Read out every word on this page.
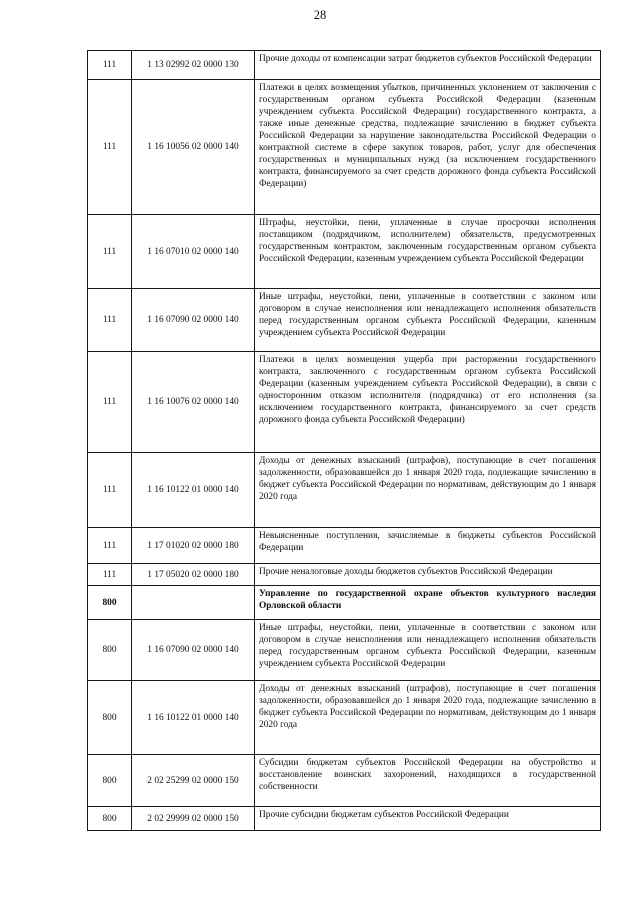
28
111	1 13 02992 02 0000 130	Прочие доходы от компенсации затрат бюджетов субъектов Российской Федерации
111	1 16 10056 02 0000 140	Платежи в целях возмещения убытков, причиненных уклонением от заключения с государственным органом субъекта Российской Федерации (казенным учреждением субъекта Российской Федерации) государственного контракта, а также иные денежные средства, подлежащие зачислению в бюджет субъекта Российской Федерации за нарушение законодательства Российской Федерации о контрактной системе в сфере закупок товаров, работ, услуг для обеспечения государственных и муниципальных нужд (за исключением государственного контракта, финансируемого за счет средств дорожного фонда субъекта Российской Федерации)
111	1 16 07010 02 0000 140	Штрафы, неустойки, пени, уплаченные в случае просрочки исполнения поставщиком (подрядчиком, исполнителем) обязательств, предусмотренных государственным контрактом, заключенным государственным органом субъекта Российской Федерации, казенным учреждением субъекта Российской Федерации
111	1 16 07090 02 0000 140	Иные штрафы, неустойки, пени, уплаченные в соответствии с законом или договором в случае неисполнения или ненадлежащего исполнения обязательств перед государственным органом субъекта Российской Федерации, казенным учреждением субъекта Российской Федерации
111	1 16 10076 02 0000 140	Платежи в целях возмещения ущерба при расторжении государственного контракта, заключенного с государственным органом субъекта Российской Федерации (казенным учреждением субъекта Российской Федерации), в связи с односторонним отказом исполнителя (подрядчика) от его исполнения (за исключением государственного контракта, финансируемого за счет средств дорожного фонда субъекта Российской Федерации)
111	1 16 10122 01 0000 140	Доходы от денежных взысканий (штрафов), поступающие в счет погашения задолженности, образовавшейся до 1 января 2020 года, подлежащие зачислению в бюджет субъекта Российской Федерации по нормативам, действующим до 1 января 2020 года
111	1 17 01020 02 0000 180	Невыясненные поступления, зачисляемые в бюджеты субъектов Российской Федерации
111	1 17 05020 02 0000 180	Прочие неналоговые доходы бюджетов субъектов Российской Федерации
800		Управление по государственной охране объектов культурного наследия Орловской области
800	1 16 07090 02 0000 140	Иные штрафы, неустойки, пени, уплаченные в соответствии с законом или договором в случае неисполнения или ненадлежащего исполнения обязательств перед государственным органом субъекта Российской Федерации, казенным учреждением субъекта Российской Федерации
800	1 16 10122 01 0000 140	Доходы от денежных взысканий (штрафов), поступающие в счет погашения задолженности, образовавшейся до 1 января 2020 года, подлежащие зачислению в бюджет субъекта Российской Федерации по нормативам, действующим до 1 января 2020 года
800	2 02 25299 02 0000 150	Субсидии бюджетам субъектов Российской Федерации на обустройство и восстановление воинских захоронений, находящихся в государственной собственности
800	2 02 29999 02 0000 150	Прочие субсидии бюджетам субъектов Российской Федерации
